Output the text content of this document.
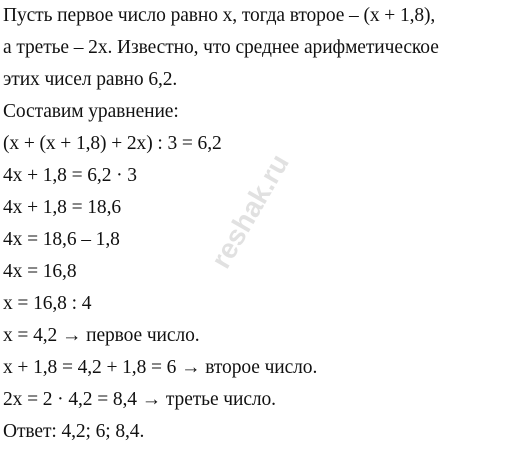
Пусть первое число равно x, тогда второе – (x + 1,8),
а третье – 2x. Известно, что среднее арифметическое
этих чисел равно 6,2.
Составим уравнение:
(x + (x + 1,8) + 2x) : 3 = 6,2
4x + 1,8 = 6,2 · 3
4x + 1,8 = 18,6
4x = 18,6 – 1,8
4x = 16,8
x = 16,8 : 4
x = 4,2 → первое число.
x + 1,8 = 4,2 + 1,8 = 6 → второе число.
2x = 2 · 4,2 = 8,4 → третье число.
Ответ: 4,2; 6; 8,4.
reshak.ru
